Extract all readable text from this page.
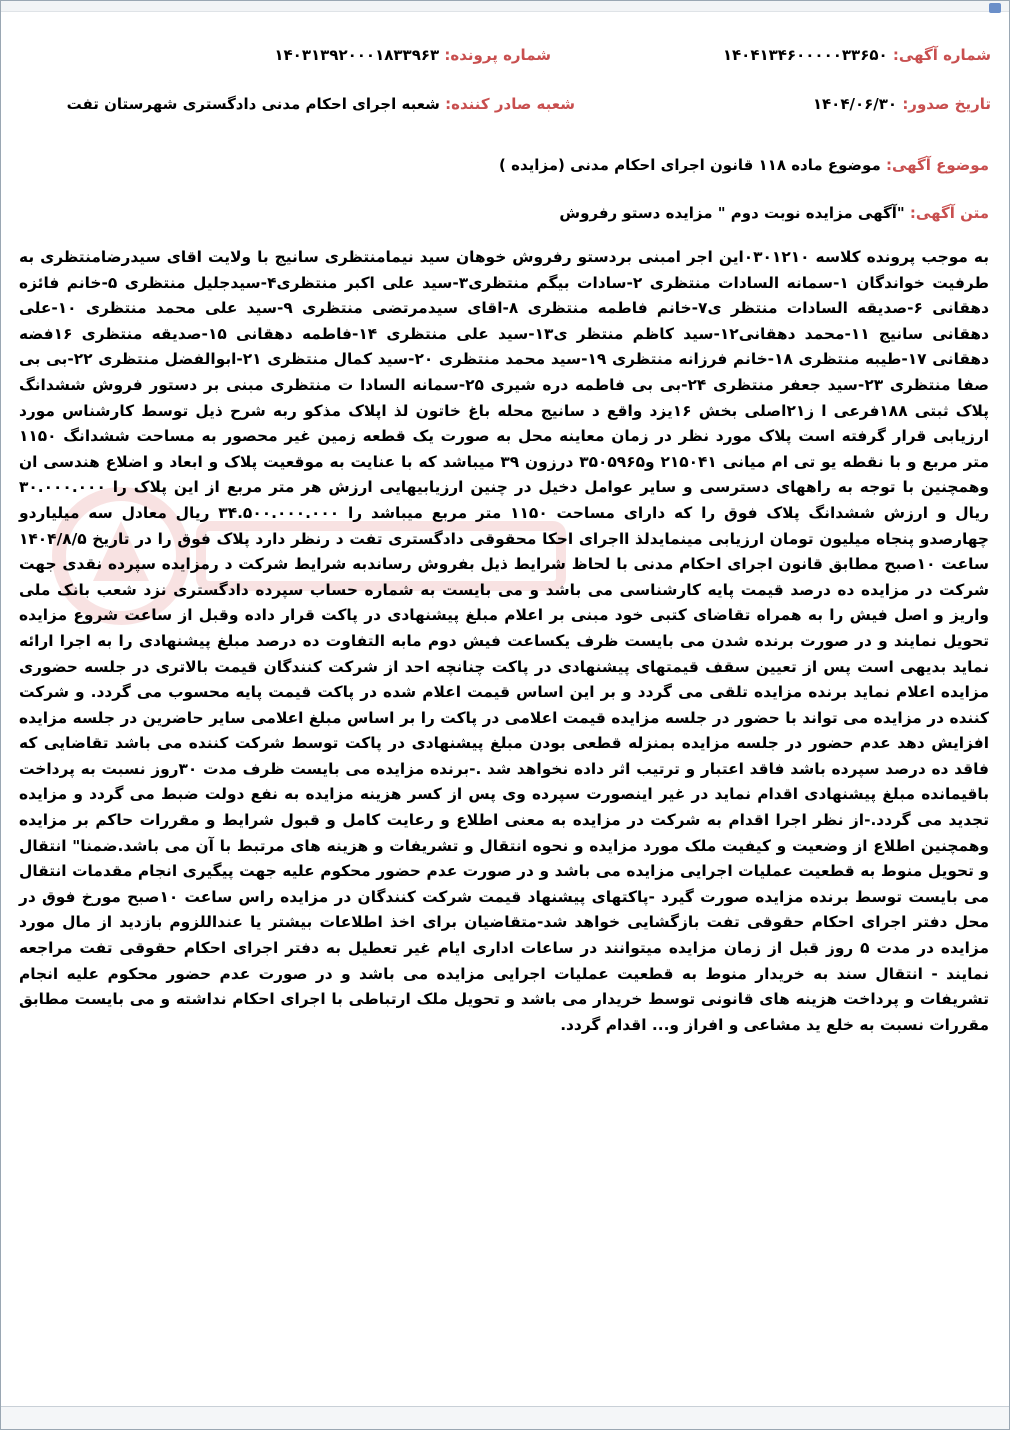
شماره آگهی: ۱۴۰۴۱۳۴۶۰۰۰۰۰۳۳۶۵۰
شماره پرونده: ۱۴۰۳۱۳۹۲۰۰۰۱۸۳۳۹۶۳
تاریخ صدور: ۱۴۰۴/۰۶/۳۰
شعبه صادر کننده: شعبه اجرای احکام مدنی دادگستری شهرستان تفت
موضوع آگهی: موضوع ماده ۱۱۸ قانون اجرای احکام مدنی (مزایده )
متن آگهی: "آگهی مزایده نوبت دوم " مزایده دستو رفروش
به موجب پرونده کلاسه ۰۳۰۱۲۱۰این اجر امبنی بردستو رفروش خوهان سید نیمامنتظری سانیج با ولایت اقای سیدرضامنتظری به طرفیت خواندگان ۱-سمانه السادات منتظری ۲-سادات بیگم منتظری۳-سید علی اکبر منتظری۴-سیدجلیل منتظری ۵-خانم فائزه دهقانی ۶-صدیقه السادات منتظر ی۷-خانم فاطمه منتظری ۸-اقای سیدمرتضی منتظری ۹-سید علی محمد منتظری ۱۰-علی دهقانی سانیج ۱۱-محمد دهقانی۱۲-سید کاظم منتظر ی۱۳-سید علی منتظری ۱۴-فاطمه دهقانی ۱۵-صدیقه منتظری ۱۶فضه دهقانی ۱۷-طیبه منتظری ۱۸-خانم فرزانه منتظری ۱۹-سید محمد منتظری ۲۰-سید کمال منتظری ۲۱-ابوالفضل منتظری ۲۲-بی بی صفا منتظری ۲۳-سید جعفر منتظری ۲۴-بی بی فاطمه دره شیری ۲۵-سمانه السادا ت منتظری مبنی بر دستور فروش ششدانگ پلاک ثبتی ۱۸۸فرعی ا ز۲۱اصلی بخش ۱۶یزد واقع د سانیج محله باغ خاتون لذ اپلاک مذکو ربه شرح ذیل توسط کارشناس مورد ارزیابی قرار گرفته است پلاک مورد نظر در زمان معاینه محل به صورت یک قطعه زمین غیر محصور به مساحت ششدانگ ۱۱۵۰ متر مربع و با نقطه یو تی ام میانی ۲۱۵۰۴۱ و۳۵۰۵۹۶۵ درزون ۳۹ میباشد که با عنایت به موقعیت پلاک و ابعاد و اضلاع هندسی ان وهمچنین با توجه به راههای دسترسی و سایر عوامل دخیل در چنین ارزیابیهایی ارزش هر متر مربع از این پلاک را ۳۰.۰۰۰.۰۰۰ ریال و ارزش ششدانگ پلاک فوق را که دارای مساحت ۱۱۵۰ متر مربع میباشد را ۳۴.۵۰۰.۰۰۰.۰۰۰ ریال معادل سه میلیاردو چهارصدو پنجاه میلیون تومان ارزیابی مینمایدلذ ااجرای احکا محقوقی دادگستری تفت د رنظر دارد پلاک فوق را در تاریخ ۱۴۰۴/۸/۵ ساعت ۱۰صبح مطابق قانون اجرای احکام مدنی با لحاظ شرایط ذیل بفروش رساندبه شرایط شرکت د رمزایده سپرده نقدی جهت شرکت در مزایده ده درصد قیمت پایه کارشناسی می باشد و می بایست به شماره حساب سپرده دادگستری نزد شعب بانک ملی واریز و اصل فیش را به همراه تقاضای کتبی خود مبنی بر اعلام مبلغ پیشنهادی در پاکت قرار داده وقبل از ساعت شروع مزایده تحویل نمایند و در صورت برنده شدن می بایست ظرف یکساعت فیش دوم مابه التفاوت ده درصد مبلغ پیشنهادی را به اجرا ارائه نماید بدیهی است پس از تعیین سقف قیمتهای پیشنهادی در پاکت چنانچه احد از شرکت کنندگان قیمت بالاتری در جلسه حضوری مزایده اعلام نماید برنده مزایده تلقی می گردد و بر این اساس قیمت اعلام شده در پاکت قیمت پایه محسوب می گردد. و شرکت کننده در مزایده می تواند با حضور در جلسه مزایده قیمت اعلامی در پاکت را بر اساس مبلغ اعلامی سایر حاضرین در جلسه مزایده افزایش دهد عدم حضور در جلسه مزایده بمنزله قطعی بودن مبلغ پیشنهادی در پاکت توسط شرکت کننده می باشد تقاضایی که فاقد ده درصد سپرده باشد فاقد اعتبار و ترتیب اثر داده نخواهد شد .-برنده مزایده می بایست ظرف مدت ۳۰روز نسبت به پرداخت باقیمانده مبلغ پیشنهادی اقدام نماید در غیر اینصورت سپرده وی پس از کسر هزینه مزایده به نفع دولت ضبط می گردد و مزایده تجدید می گردد.-از نظر اجرا اقدام به شرکت در مزایده به معنی اطلاع و رعایت کامل و قبول شرایط و مقررات حاکم بر مزایده وهمچنین اطلاع از وضعیت و کیفیت ملک مورد مزایده و نحوه انتقال و تشریفات و هزینه های مرتبط با آن می باشد.ضمنا" انتقال و تحویل منوط به قطعیت عملیات اجرایی مزایده می باشد و در صورت عدم حضور محکوم علیه جهت پیگیری انجام مقدمات انتقال می بایست توسط برنده مزایده صورت گیرد -پاکتهای پیشنهاد قیمت شرکت کنندگان در مزایده راس ساعت ۱۰صبح مورخ فوق در محل دفتر اجرای احکام حقوقی تفت بازگشایی خواهد شد-متقاضیان برای اخذ اطلاعات بیشتر یا عنداللزوم بازدید از مال مورد مزایده در مدت ۵ روز قبل از زمان مزایده میتوانند در ساعات اداری ایام غیر تعطیل به دفتر اجرای احکام حقوقی تفت مراجعه نمایند - انتقال سند به خریدار منوط به قطعیت عملیات اجرایی مزایده می باشد و در صورت عدم حضور محکوم علیه انجام تشریفات و پرداخت هزینه های قانونی توسط خریدار می باشد و تحویل ملک ارتباطی با اجرای احکام نداشته و می بایست مطابق مقررات نسبت به خلع ید مشاعی و افراز و... اقدام گردد.
